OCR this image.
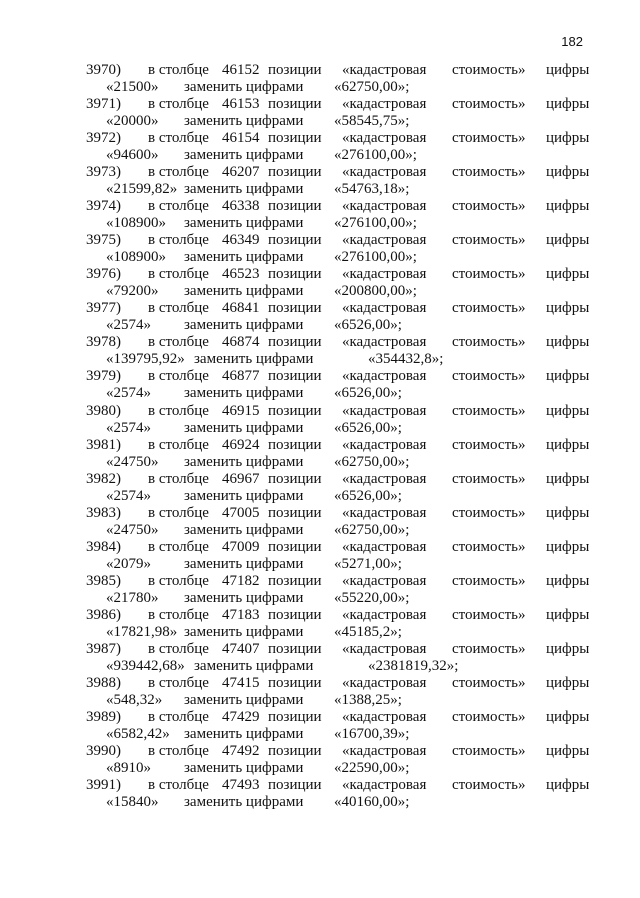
182
3970) в столбце 46152 позиции «кадастровая стоимость» цифры
«21500» заменить цифрами «62750,00»;
3971) в столбце 46153 позиции «кадастровая стоимость» цифры
«20000» заменить цифрами «58545,75»;
3972) в столбце 46154 позиции «кадастровая стоимость» цифры
«94600» заменить цифрами «276100,00»;
3973) в столбце 46207 позиции «кадастровая стоимость» цифры
«21599,82» заменить цифрами «54763,18»;
3974) в столбце 46338 позиции «кадастровая стоимость» цифры
«108900» заменить цифрами «276100,00»;
3975) в столбце 46349 позиции «кадастровая стоимость» цифры
«108900» заменить цифрами «276100,00»;
3976) в столбце 46523 позиции «кадастровая стоимость» цифры
«79200» заменить цифрами «200800,00»;
3977) в столбце 46841 позиции «кадастровая стоимость» цифры
«2574» заменить цифрами «6526,00»;
3978) в столбце 46874 позиции «кадастровая стоимость» цифры
«139795,92» заменить цифрами	«354432,8»;
3979) в столбце 46877 позиции «кадастровая стоимость» цифры
«2574» заменить цифрами «6526,00»;
3980) в столбце 46915 позиции «кадастровая стоимость» цифры
«2574» заменить цифрами «6526,00»;
3981) в столбце 46924 позиции «кадастровая стоимость» цифры
«24750» заменить цифрами «62750,00»;
3982) в столбце 46967 позиции «кадастровая стоимость» цифры
«2574» заменить цифрами «6526,00»;
3983) в столбце 47005 позиции «кадастровая стоимость» цифры
«24750» заменить цифрами «62750,00»;
3984) в столбце 47009 позиции «кадастровая стоимость» цифры
«2079» заменить цифрами «5271,00»;
3985) в столбце 47182 позиции «кадастровая стоимость» цифры
«21780» заменить цифрами «55220,00»;
3986) в столбце 47183 позиции «кадастровая стоимость» цифры
«17821,98» заменить цифрами «45185,2»;
3987) в столбце 47407 позиции «кадастровая стоимость» цифры
«939442,68» заменить цифрами	«2381819,32»;
3988) в столбце 47415 позиции «кадастровая стоимость» цифры
«548,32» заменить цифрами «1388,25»;
3989) в столбце 47429 позиции «кадастровая стоимость» цифры
«6582,42» заменить цифрами «16700,39»;
3990) в столбце 47492 позиции «кадастровая стоимость» цифры
«8910» заменить цифрами «22590,00»;
3991) в столбце 47493 позиции «кадастровая стоимость» цифры
«15840» заменить цифрами «40160,00»;
